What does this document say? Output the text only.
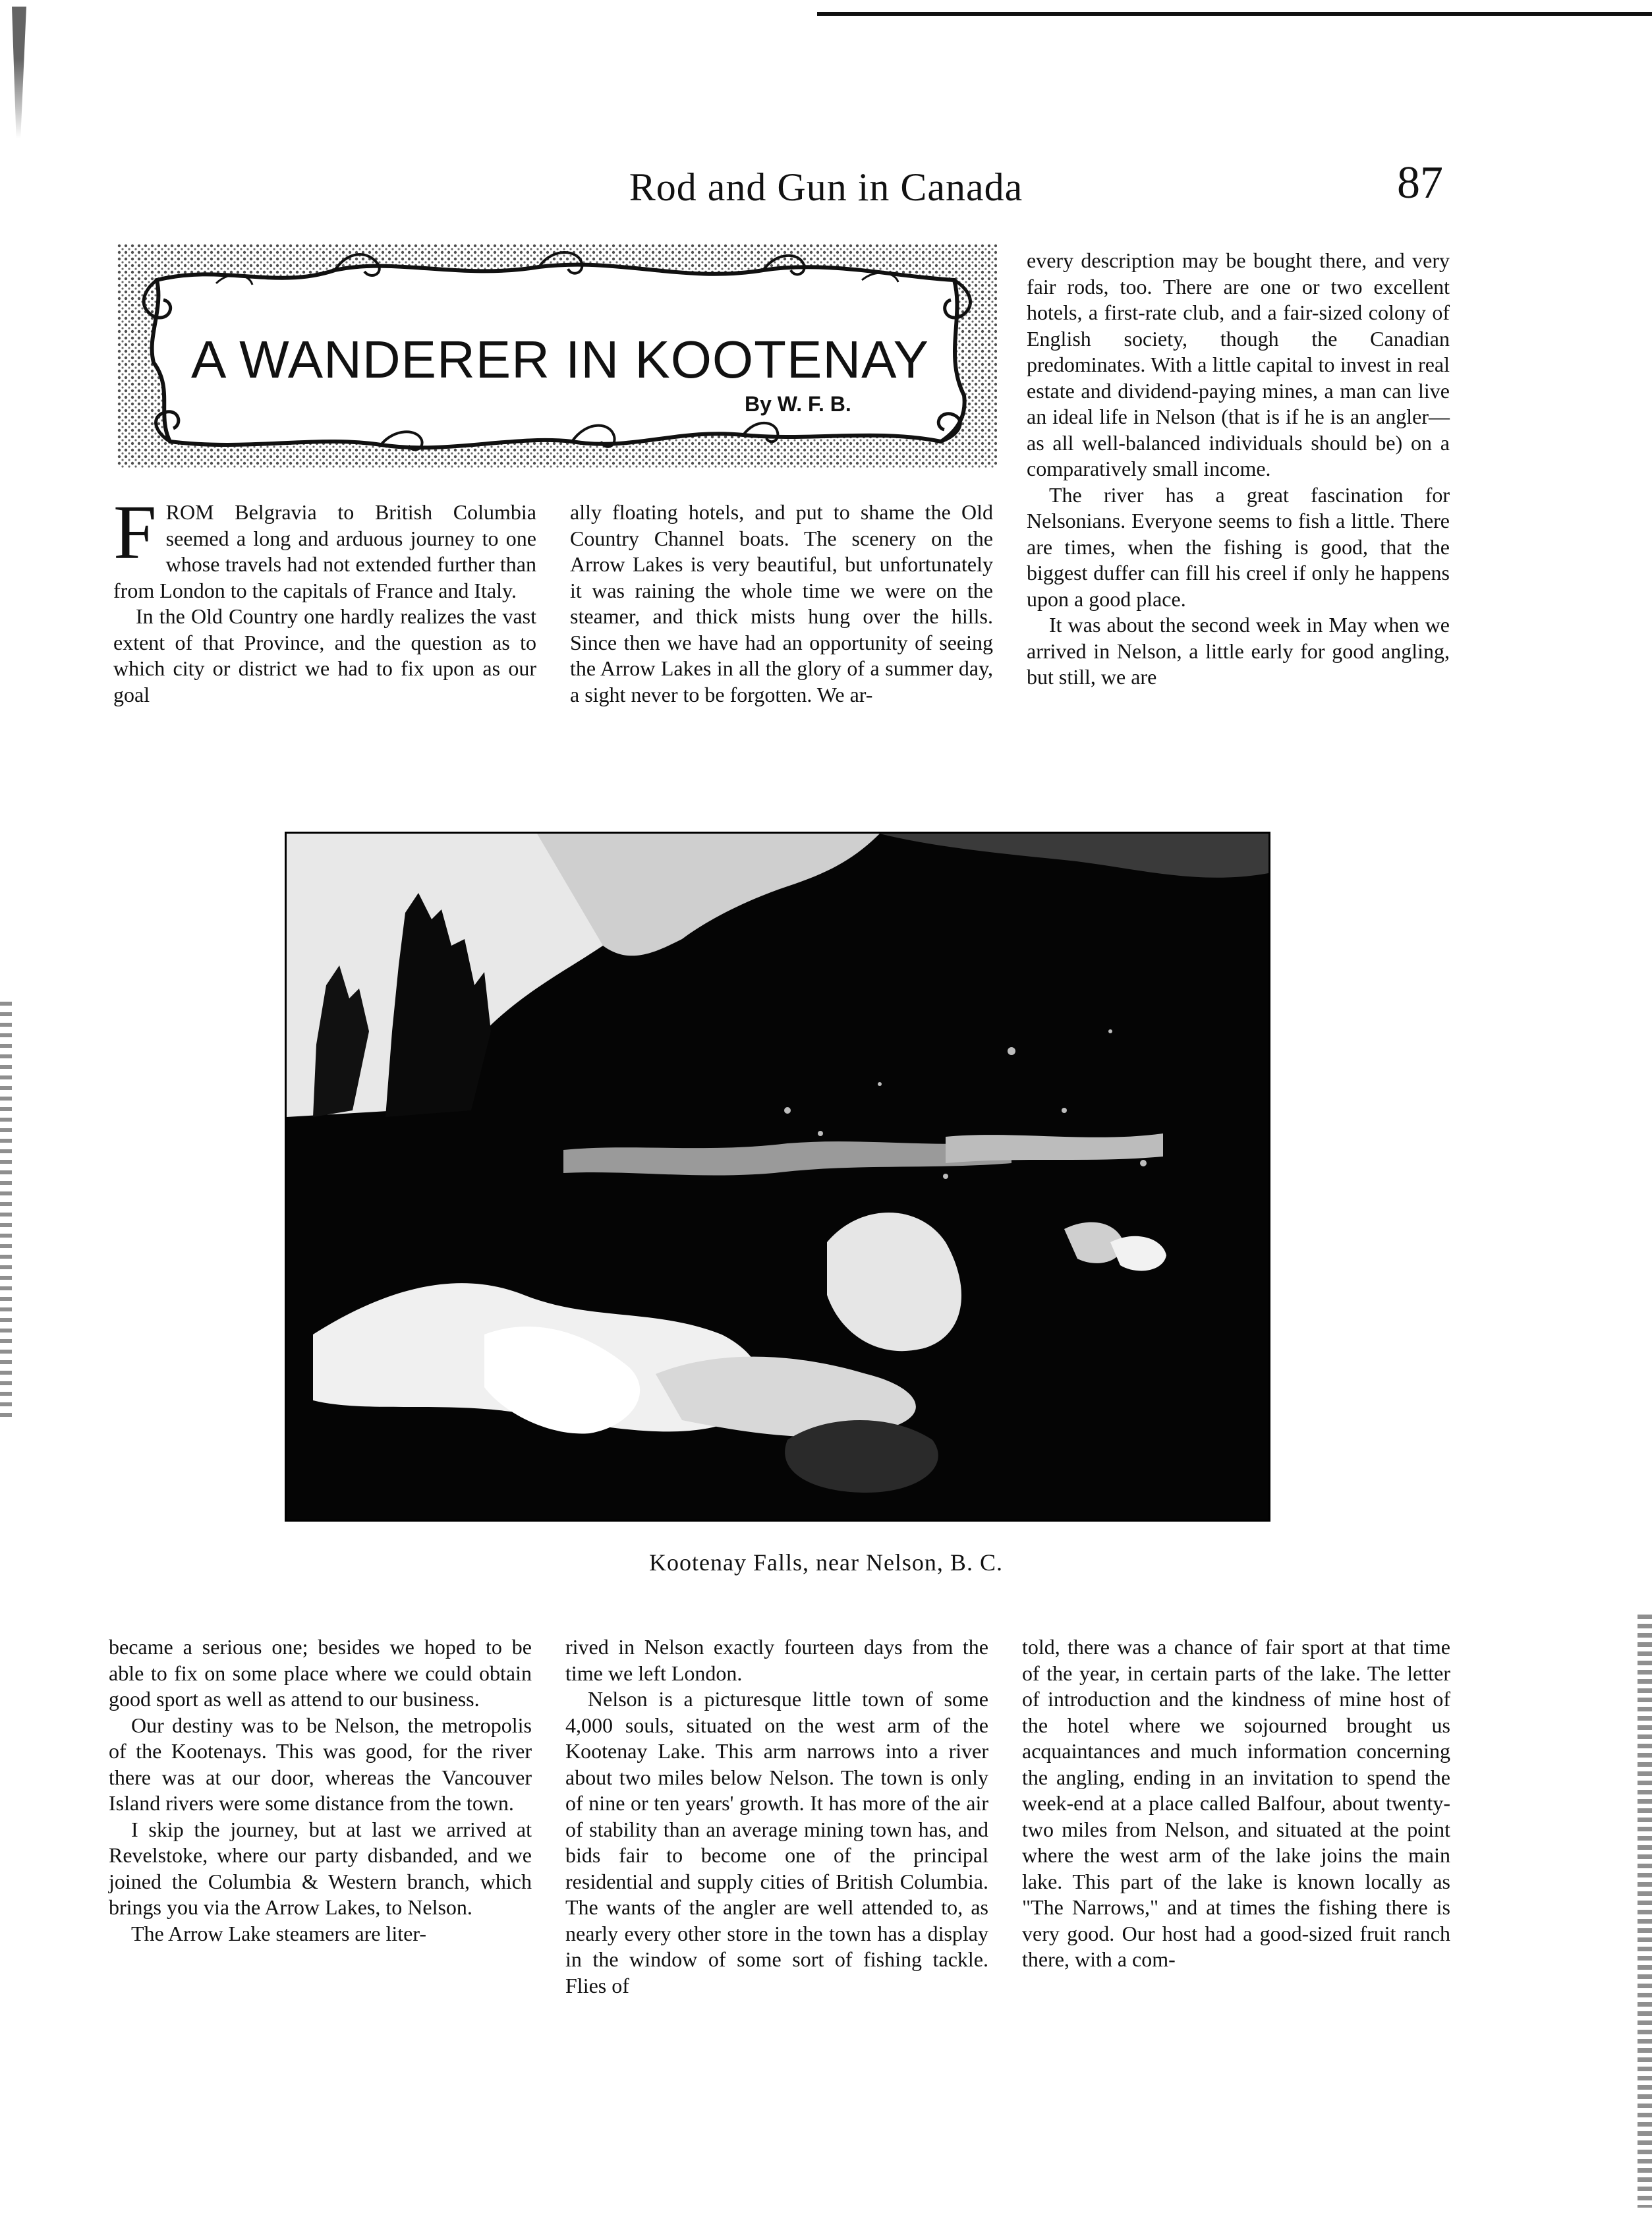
Rod and Gun in Canada	87
A WANDERER IN KOOTENAY
By W. F. B.

FROM Belgravia to British Columbia seemed a long and arduous journey to one whose travels had not extended further than from London to the capitals of France and Italy.

In the Old Country one hardly realizes the vast extent of that Province, and the question as to which city or district we had to fix upon as our goal

ally floating hotels, and put to shame the Old Country Channel boats. The scenery on the Arrow Lakes is very beautiful, but unfortunately it was raining the whole time we were on the steamer, and thick mists hung over the hills. Since then we have had an opportunity of seeing the Arrow Lakes in all the glory of a summer day, a sight never to be forgotten. We ar-

every description may be bought there, and very fair rods, too. There are one or two excellent hotels, a first-rate club, and a fair-sized colony of English society, though the Canadian predominates. With a little capital to invest in real estate and dividend-paying mines, a man can live an ideal life in Nelson (that is if he is an angler—as all well-balanced individuals should be) on a comparatively small income.

The river has a great fascination for Nelsonians. Everyone seems to fish a little. There are times, when the fishing is good, that the biggest duffer can fill his creel if only he happens upon a good place.

It was about the second week in May when we arrived in Nelson, a little early for good angling, but still, we are

Kootenay Falls, near Nelson, B. C.

became a serious one; besides we hoped to be able to fix on some place where we could obtain good sport as well as attend to our business.

Our destiny was to be Nelson, the metropolis of the Kootenays. This was good, for the river there was at our door, whereas the Vancouver Island rivers were some distance from the town.

I skip the journey, but at last we arrived at Revelstoke, where our party disbanded, and we joined the Columbia & Western branch, which brings you via the Arrow Lakes, to Nelson.

The Arrow Lake steamers are liter-

rived in Nelson exactly fourteen days from the time we left London.

Nelson is a picturesque little town of some 4,000 souls, situated on the west arm of the Kootenay Lake. This arm narrows into a river about two miles below Nelson. The town is only of nine or ten years' growth. It has more of the air of stability than an average mining town has, and bids fair to become one of the principal residential and supply cities of British Columbia. The wants of the angler are well attended to, as nearly every other store in the town has a display in the window of some sort of fishing tackle. Flies of

told, there was a chance of fair sport at that time of the year, in certain parts of the lake. The letter of introduction and the kindness of mine host of the hotel where we sojourned brought us acquaintances and much information concerning the angling, ending in an invitation to spend the week-end at a place called Balfour, about twenty-two miles from Nelson, and situated at the point where the west arm of the lake joins the main lake. This part of the lake is known locally as "The Narrows," and at times the fishing there is very good. Our host had a good-sized fruit ranch there, with a com-
